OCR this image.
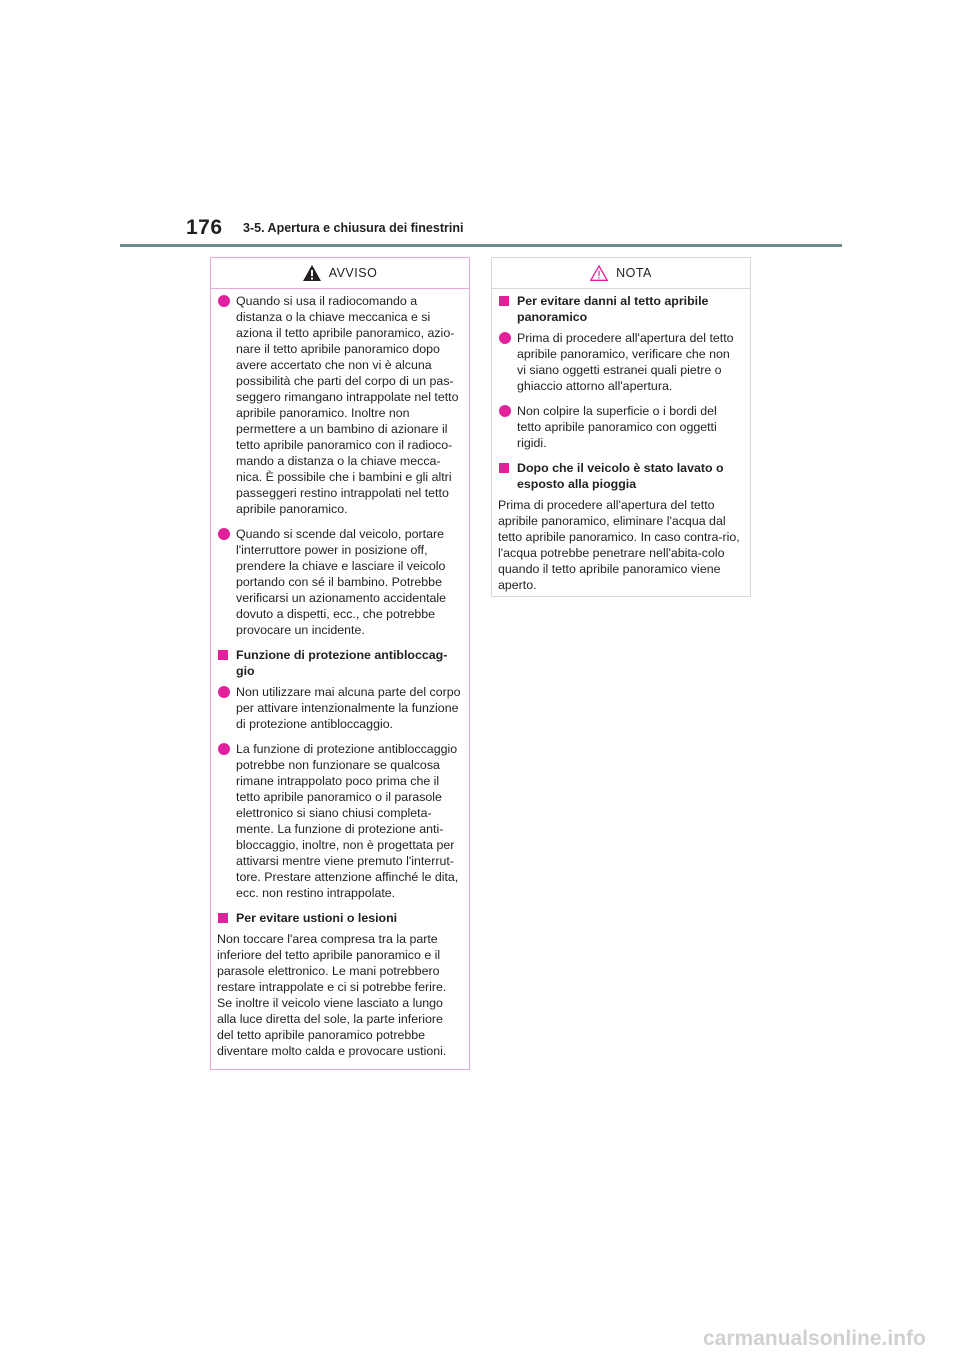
176 3-5. Apertura e chiusura dei finestrini
AVVISO
Quando si usa il radiocomando a distanza o la chiave meccanica e si aziona il tetto apribile panoramico, azio-nare il tetto apribile panoramico dopo avere accertato che non vi è alcuna possibilità che parti del corpo di un pas-seggero rimangano intrappolate nel tetto apribile panoramico. Inoltre non permettere a un bambino di azionare il tetto apribile panoramico con il radioco-mando a distanza o la chiave mecca-nica. È possibile che i bambini e gli altri passeggeri restino intrappolati nel tetto apribile panoramico.
Quando si scende dal veicolo, portare l'interruttore power in posizione off, prendere la chiave e lasciare il veicolo portando con sé il bambino. Potrebbe verificarsi un azionamento accidentale dovuto a dispetti, ecc., che potrebbe provocare un incidente.
Funzione di protezione antibloccag-gio
Non utilizzare mai alcuna parte del corpo per attivare intenzionalmente la funzione di protezione antibloccaggio.
La funzione di protezione antibloccaggio potrebbe non funzionare se qualcosa rimane intrappolato poco prima che il tetto apribile panoramico o il parasole elettronico si siano chiusi completa-mente. La funzione di protezione anti-bloccaggio, inoltre, non è progettata per attivarsi mentre viene premuto l'interrut-tore. Prestare attenzione affinché le dita, ecc. non restino intrappolate.
Per evitare ustioni o lesioni
Non toccare l'area compresa tra la parte inferiore del tetto apribile panoramico e il parasole elettronico. Le mani potrebbero restare intrappolate e ci si potrebbe ferire. Se inoltre il veicolo viene lasciato a lungo alla luce diretta del sole, la parte inferiore del tetto apribile panoramico potrebbe diventare molto calda e provocare ustioni.
NOTA
Per evitare danni al tetto apribile panoramico
Prima di procedere all'apertura del tetto apribile panoramico, verificare che non vi siano oggetti estranei quali pietre o ghiaccio attorno all'apertura.
Non colpire la superficie o i bordi del tetto apribile panoramico con oggetti rigidi.
Dopo che il veicolo è stato lavato o esposto alla pioggia
Prima di procedere all'apertura del tetto apribile panoramico, eliminare l'acqua dal tetto apribile panoramico. In caso contra-rio, l'acqua potrebbe penetrare nell'abita-colo quando il tetto apribile panoramico viene aperto.
carmanualsonline.info
